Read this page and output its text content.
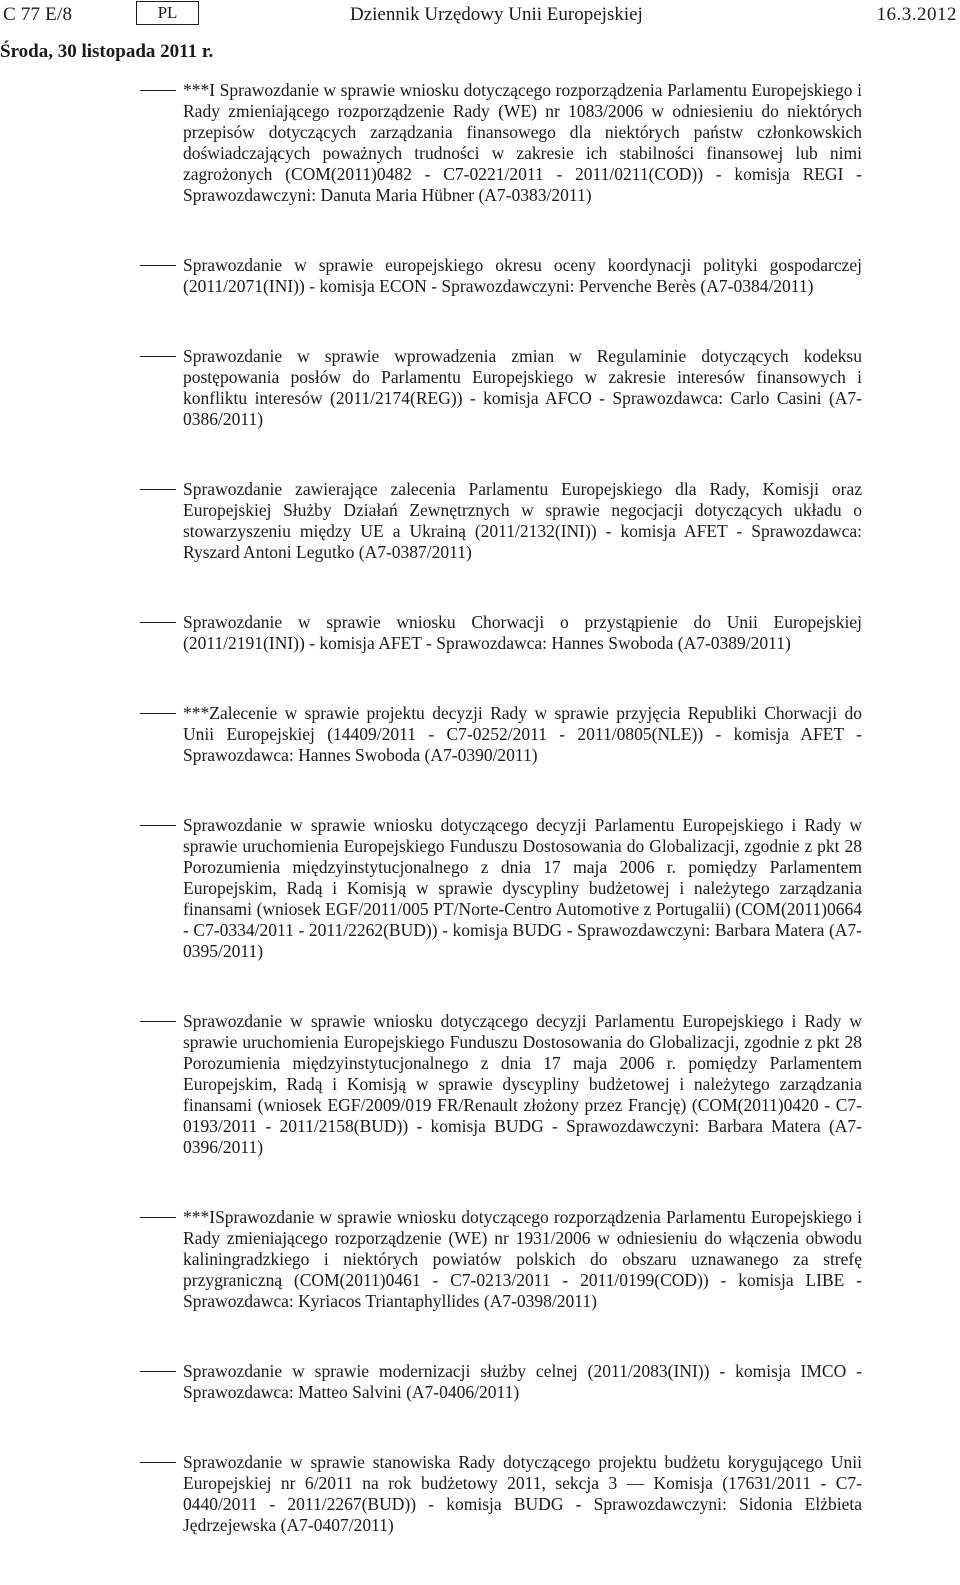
C 77 E/8	PL	Dziennik Urzędowy Unii Europejskiej	16.3.2012
Środa, 30 listopada 2011 r.
***I Sprawozdanie w sprawie wniosku dotyczącego rozporządzenia Parlamentu Europejskiego i Rady zmieniającego rozporządzenie Rady (WE) nr 1083/2006 w odniesieniu do niektórych przepisów dotyczących zarządzania finansowego dla niektórych państw członkowskich doświadczających poważnych trudności w zakresie ich stabilności finansowej lub nimi zagrożonych (COM(2011)0482 - C7-0221/2011 - 2011/0211(COD)) - komisja REGI - Sprawozdawczyni: Danuta Maria Hübner (A7-0383/2011)
Sprawozdanie w sprawie europejskiego okresu oceny koordynacji polityki gospodarczej (2011/2071(INI)) - komisja ECON - Sprawozdawczyni: Pervenche Berès (A7-0384/2011)
Sprawozdanie w sprawie wprowadzenia zmian w Regulaminie dotyczących kodeksu postępowania posłów do Parlamentu Europejskiego w zakresie interesów finansowych i konfliktu interesów (2011/2174(REG)) - komisja AFCO - Sprawozdawca: Carlo Casini (A7-0386/2011)
Sprawozdanie zawierające zalecenia Parlamentu Europejskiego dla Rady, Komisji oraz Europejskiej Służby Działań Zewnętrznych w sprawie negocjacji dotyczących układu o stowarzyszeniu między UE a Ukrainą (2011/2132(INI)) - komisja AFET - Sprawozdawca: Ryszard Antoni Legutko (A7-0387/2011)
Sprawozdanie w sprawie wniosku Chorwacji o przystąpienie do Unii Europejskiej (2011/2191(INI)) - komisja AFET - Sprawozdawca: Hannes Swoboda (A7-0389/2011)
***Zalecenie w sprawie projektu decyzji Rady w sprawie przyjęcia Republiki Chorwacji do Unii Europejskiej (14409/2011 - C7-0252/2011 - 2011/0805(NLE)) - komisja AFET - Sprawozdawca: Hannes Swoboda (A7-0390/2011)
Sprawozdanie w sprawie wniosku dotyczącego decyzji Parlamentu Europejskiego i Rady w sprawie uruchomienia Europejskiego Funduszu Dostosowania do Globalizacji, zgodnie z pkt 28 Porozumienia międzyinstytucjonalnego z dnia 17 maja 2006 r. pomiędzy Parlamentem Europejskim, Radą i Komisją w sprawie dyscypliny budżetowej i należytego zarządzania finansami (wniosek EGF/2011/005 PT/Norte-Centro Automotive z Portugalii) (COM(2011)0664 - C7-0334/2011 - 2011/2262(BUD)) - komisja BUDG - Sprawozdawczyni: Barbara Matera (A7-0395/2011)
Sprawozdanie w sprawie wniosku dotyczącego decyzji Parlamentu Europejskiego i Rady w sprawie uruchomienia Europejskiego Funduszu Dostosowania do Globalizacji, zgodnie z pkt 28 Porozumienia międzyinstytucjonalnego z dnia 17 maja 2006 r. pomiędzy Parlamentem Europejskim, Radą i Komisją w sprawie dyscypliny budżetowej i należytego zarządzania finansami (wniosek EGF/2009/019 FR/Renault złożony przez Francję) (COM(2011)0420 - C7-0193/2011 - 2011/2158(BUD)) - komisja BUDG - Sprawozdawczyni: Barbara Matera (A7-0396/2011)
***ISprawozdanie w sprawie wniosku dotyczącego rozporządzenia Parlamentu Europejskiego i Rady zmieniającego rozporządzenie (WE) nr 1931/2006 w odniesieniu do włączenia obwodu kaliningradzkiego i niektórych powiatów polskich do obszaru uznawanego za strefę przygraniczną (COM(2011)0461 - C7-0213/2011 - 2011/0199(COD)) - komisja LIBE - Sprawozdawca: Kyriacos Triantaphyllides (A7-0398/2011)
Sprawozdanie w sprawie modernizacji służby celnej (2011/2083(INI)) - komisja IMCO - Sprawozdawca: Matteo Salvini (A7-0406/2011)
Sprawozdanie w sprawie stanowiska Rady dotyczącego projektu budżetu korygującego Unii Europejskiej nr 6/2011 na rok budżetowy 2011, sekcja 3 — Komisja (17631/2011 - C7-0440/2011 - 2011/2267(BUD)) - komisja BUDG - Sprawozdawczyni: Sidonia Elżbieta Jędrzejewska (A7-0407/2011)
